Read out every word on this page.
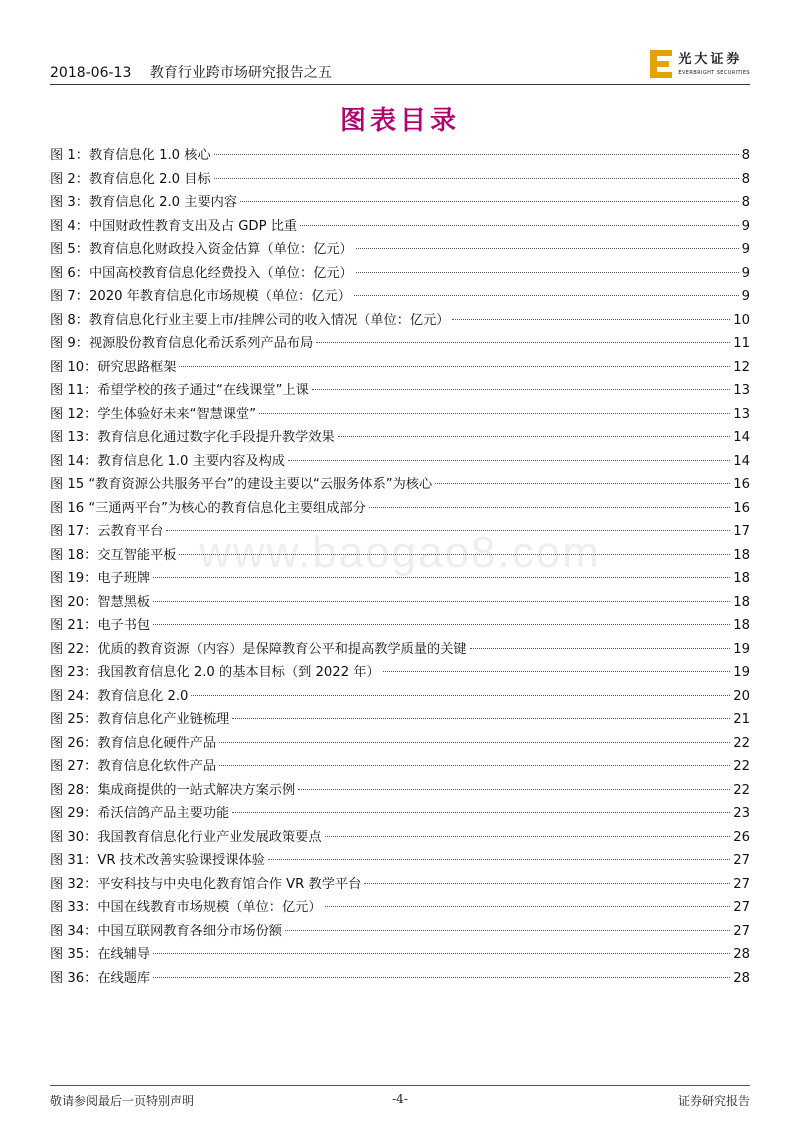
2018-06-13 教育行业跨市场研究报告之五
光大证券
EVERBRIGHT SECURITIES
图表目录
www.baogao8.com
图 1：教育信息化 1.0 核心	8
图 2：教育信息化 2.0 目标	8
图 3：教育信息化 2.0 主要内容	8
图 4：中国财政性教育支出及占 GDP 比重	9
图 5：教育信息化财政投入资金估算（单位：亿元）	9
图 6：中国高校教育信息化经费投入（单位：亿元）	9
图 7：2020 年教育信息化市场规模（单位：亿元）	9
图 8：教育信息化行业主要上市/挂牌公司的收入情况（单位：亿元）	10
图 9：视源股份教育信息化希沃系列产品布局	11
图 10：研究思路框架	12
图 11：希望学校的孩子通过“在线课堂”上课	13
图 12：学生体验好未来“智慧课堂”	13
图 13：教育信息化通过数字化手段提升教学效果	14
图 14：教育信息化 1.0 主要内容及构成	14
图 15 “教育资源公共服务平台”的建设主要以“云服务体系”为核心	16
图 16 “三通两平台”为核心的教育信息化主要组成部分	16
图 17：云教育平台	17
图 18：交互智能平板	18
图 19：电子班牌	18
图 20：智慧黑板	18
图 21：电子书包	18
图 22：优质的教育资源（内容）是保障教育公平和提高教学质量的关键	19
图 23：我国教育信息化 2.0 的基本目标（到 2022 年）	19
图 24：教育信息化 2.0	20
图 25：教育信息化产业链梳理	21
图 26：教育信息化硬件产品	22
图 27：教育信息化软件产品	22
图 28：集成商提供的一站式解决方案示例	22
图 29：希沃信鸽产品主要功能	23
图 30：我国教育信息化行业产业发展政策要点	26
图 31：VR 技术改善实验课授课体验	27
图 32：平安科技与中央电化教育馆合作 VR 教学平台	27
图 33：中国在线教育市场规模（单位：亿元）	27
图 34：中国互联网教育各细分市场份额	27
图 35：在线辅导	28
图 36：在线题库	28
敬请参阅最后一页特别声明	-4-	证券研究报告
